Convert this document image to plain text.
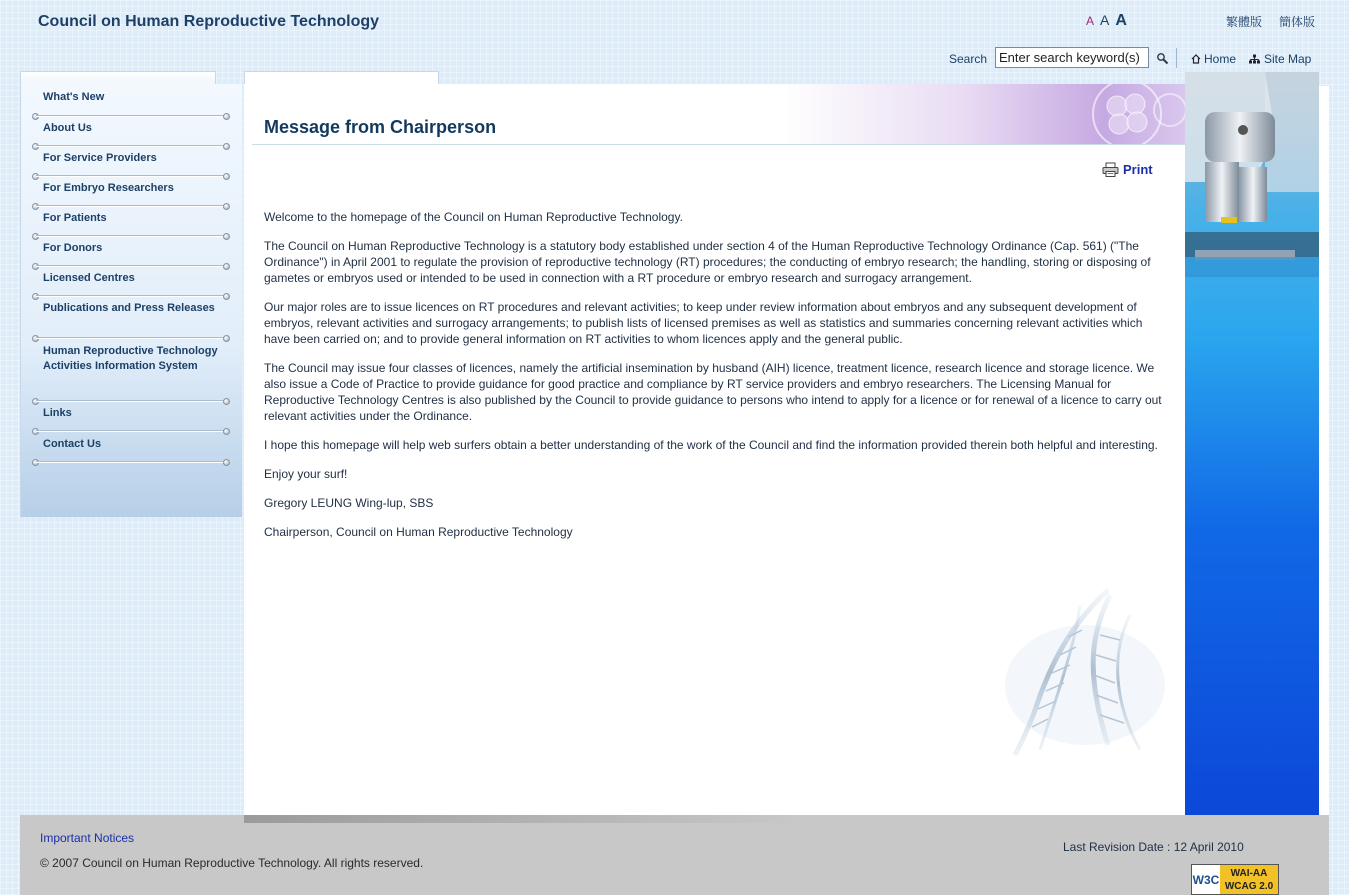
Council on Human Reproductive Technology	A A A	繁體版 簡体版
Search
Enter search keyword(s)	Home Site Map
What's New
About Us
For Service Providers
For Embryo Researchers
For Patients
For Donors
Licensed Centres
Publications and Press Releases
Human Reproductive Technology Activities Information System
Links
Contact Us
Message from Chairperson
Print

Welcome to the homepage of the Council on Human Reproductive Technology.

The Council on Human Reproductive Technology is a statutory body established under section 4 of the Human Reproductive Technology Ordinance (Cap. 561) ("The Ordinance") in April 2001 to regulate the provision of reproductive technology (RT) procedures; the conducting of embryo research; the handling, storing or disposing of gametes or embryos used or intended to be used in connection with a RT procedure or embryo research and surrogacy arrangement.

Our major roles are to issue licences on RT procedures and relevant activities; to keep under review information about embryos and any subsequent development of embryos, relevant activities and surrogacy arrangements; to publish lists of licensed premises as well as statistics and summaries concerning relevant activities which have been carried on; and to provide general information on RT activities to whom licences apply and the general public.

The Council may issue four classes of licences, namely the artificial insemination by husband (AIH) licence, treatment licence, research licence and storage licence. We also issue a Code of Practice to provide guidance for good practice and compliance by RT service providers and embryo researchers. The Licensing Manual for Reproductive Technology Centres is also published by the Council to provide guidance to persons who intend to apply for a licence or for renewal of a licence to carry out relevant activities under the Ordinance.

I hope this homepage will help web surfers obtain a better understanding of the work of the Council and find the information provided therein both helpful and interesting.

Enjoy your surf!

Gregory LEUNG Wing-lup, SBS

Chairperson, Council on Human Reproductive Technology

Important Notices
© 2007 Council on Human Reproductive Technology. All rights reserved.
Last Revision Date : 12 April 2010
W3C	WAI-AA
WCAG 2.0
